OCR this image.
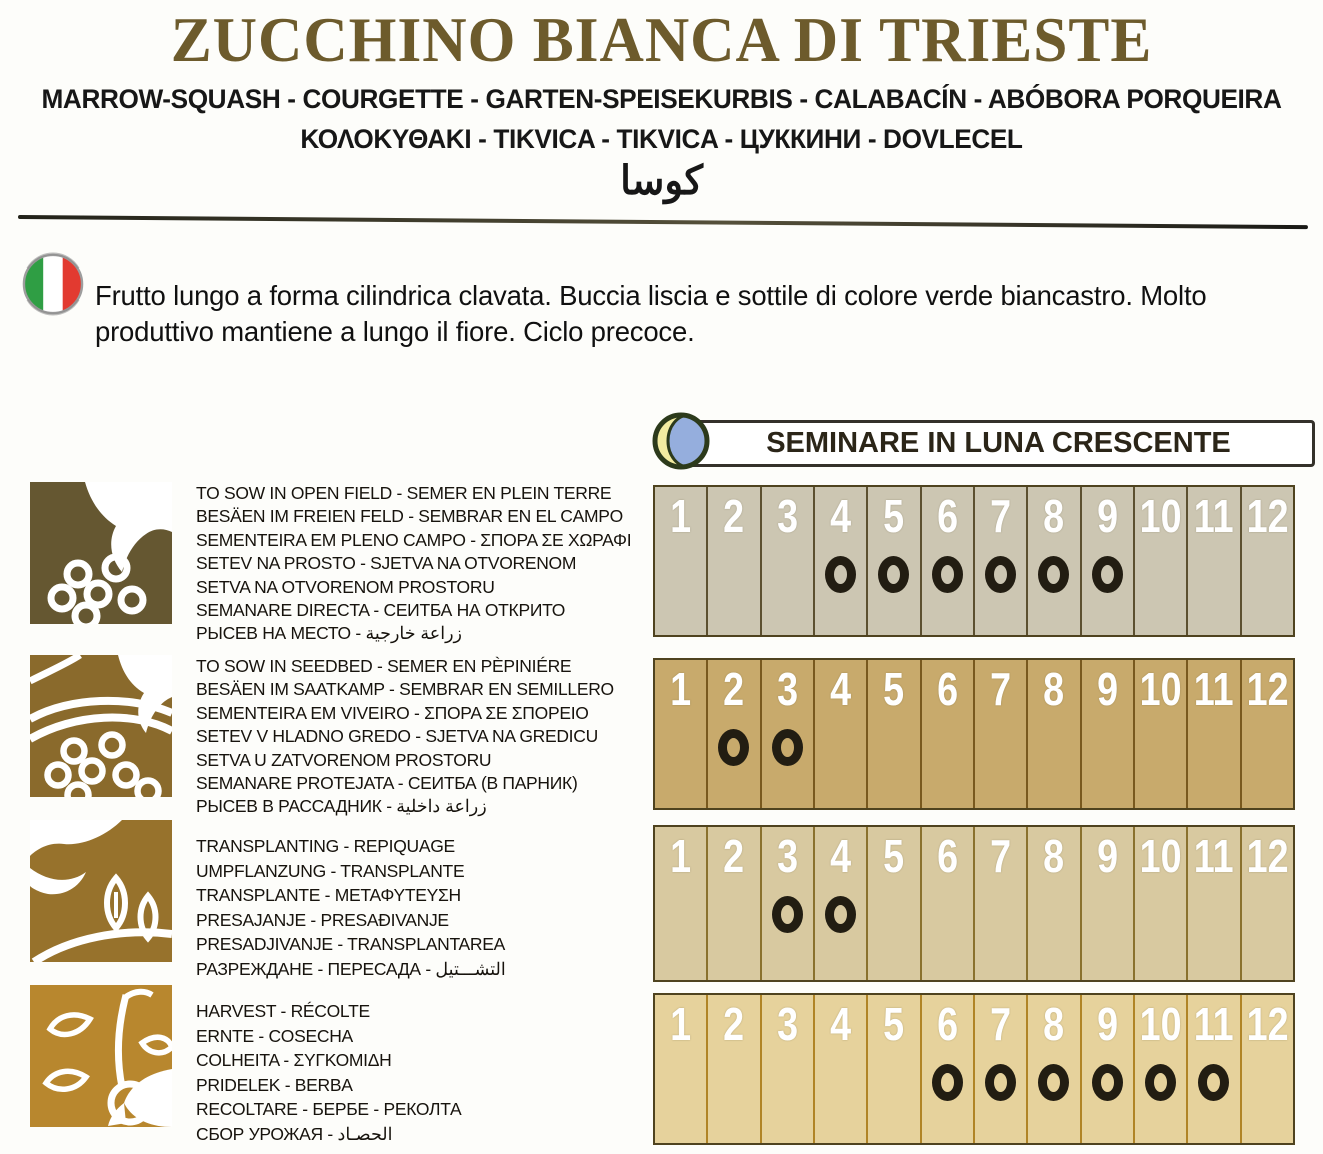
ZUCCHINO BIANCA DI TRIESTE
MARROW-SQUASH - COURGETTE - GARTEN-SPEISEKURBIS - CALABACÍN - ABÓBORA PORQUEIRA
ΚΟΛΟΚΥΘΑΚΙ - TIKVICA - TIKVICA - ЦУККИНИ - DOVLECEL
كوسا

Frutto lungo a forma cilindrica clavata. Buccia liscia e sottile di colore verde biancastro. Molto produttivo mantiene a lungo il fiore. Ciclo precoce.

SEMINARE IN LUNA CRESCENTE
TO SOW IN OPEN FIELD - SEMER EN PLEIN TERRE
BESÄEN IM FREIEN FELD - SEMBRAR EN EL CAMPO
SEMENTEIRA EM PLENO CAMPO - ΣΠΟΡΑ ΣΕ ΧΩΡΑΦΙ
SETEV NA PROSTO - SJETVA NA OTVORENOM
SETVA NA OTVORENOM PROSTORU
SEMANARE DIRECTA - СЕИТБА НА ОТКРИТО
РЫСЕВ НА МЕСТО - زراعة خارجية
1 2 3 4 5 6 7 8 9 10 11 12
TO SOW IN SEEDBED - SEMER EN PÈPINIÉRE
BESÄEN IM SAATKAMP - SEMBRAR EN SEMILLERO
SEMENTEIRA EM VIVEIRO - ΣΠΟΡΑ ΣΕ ΣΠΟΡΕΙΟ
SETEV V HLADNO GREDO - SJETVA NA GREDICU
SETVA U ZATVORENOM PROSTORU
SEMANARE PROTEJATA - СЕИТБА (В ПАРНИК)
РЫСЕВ В РАССАДНИК - زراعة داخلية
1 2 3 4 5 6 7 8 9 10 11 12
TRANSPLANTING - REPIQUAGE
UMPFLANZUNG - TRANSPLANTE
TRANSPLANTE - ΜΕΤΑΦΥΤΕΥΣΗ
PRESAJANJE - PRESAĐIVANJE
PRESADJIVANJE - TRANSPLANTAREA
РАЗРЕЖДАНЕ - ПЕРЕСАДА - التشـــتيل
1 2 3 4 5 6 7 8 9 10 11 12
HARVEST - RÉCOLTE
ERNTE - COSECHA
COLHEITA - ΣΥΓΚΟΜΙΔΗ
PRIDELEK - BERBA
RECOLTARE - БЕРБЕ - РЕКОЛТА
СБОР УРОЖАЯ - الحصـاد
1 2 3 4 5 6 7 8 9 10 11 12
